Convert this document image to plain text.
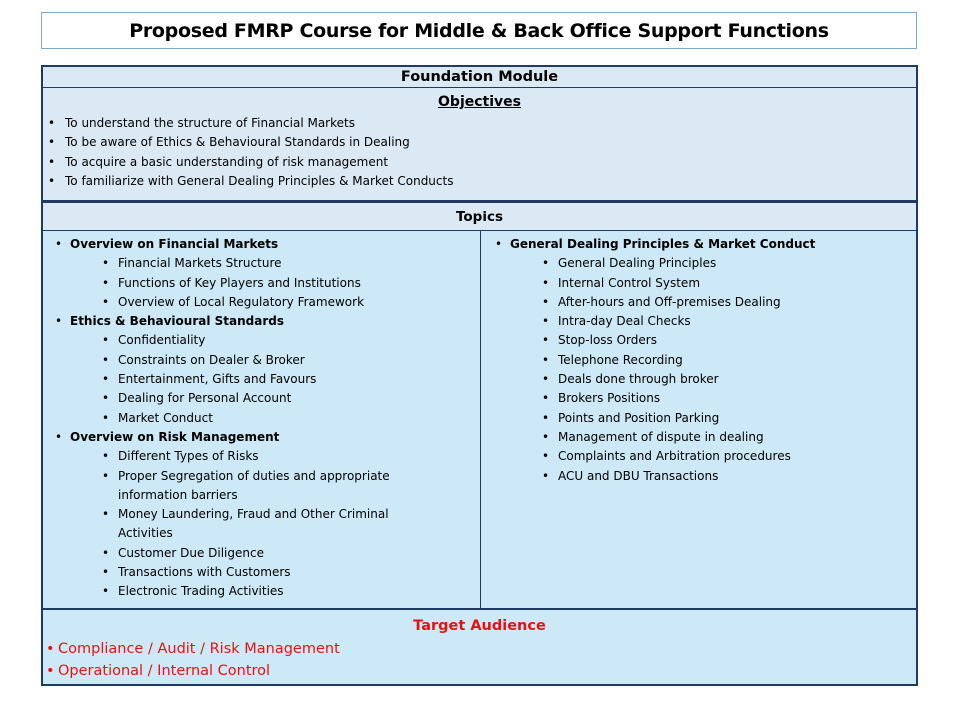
Proposed FMRP Course for Middle & Back Office Support Functions
Foundation Module
Objectives
• To understand the structure of Financial Markets
• To be aware of Ethics & Behavioural Standards in Dealing
• To acquire a basic understanding of risk management
• To familiarize with General Dealing Principles & Market Conducts
Topics
• Overview on Financial Markets
• Financial Markets Structure
• Functions of Key Players and Institutions
• Overview of Local Regulatory Framework
• Ethics & Behavioural Standards
• Confidentiality
• Constraints on Dealer & Broker
• Entertainment, Gifts and Favours
• Dealing for Personal Account
• Market Conduct
• Overview on Risk Management
• Different Types of Risks
• Proper Segregation of duties and appropriate information barriers
• Money Laundering, Fraud and Other Criminal Activities
• Customer Due Diligence
• Transactions with Customers
• Electronic Trading Activities
• General Dealing Principles & Market Conduct
• General Dealing Principles
• Internal Control System
• After-hours and Off-premises Dealing
• Intra-day Deal Checks
• Stop-loss Orders
• Telephone Recording
• Deals done through broker
• Brokers Positions
• Points and Position Parking
• Management of dispute in dealing
• Complaints and Arbitration procedures
• ACU and DBU Transactions
Target Audience
• Compliance / Audit / Risk Management
• Operational / Internal Control
